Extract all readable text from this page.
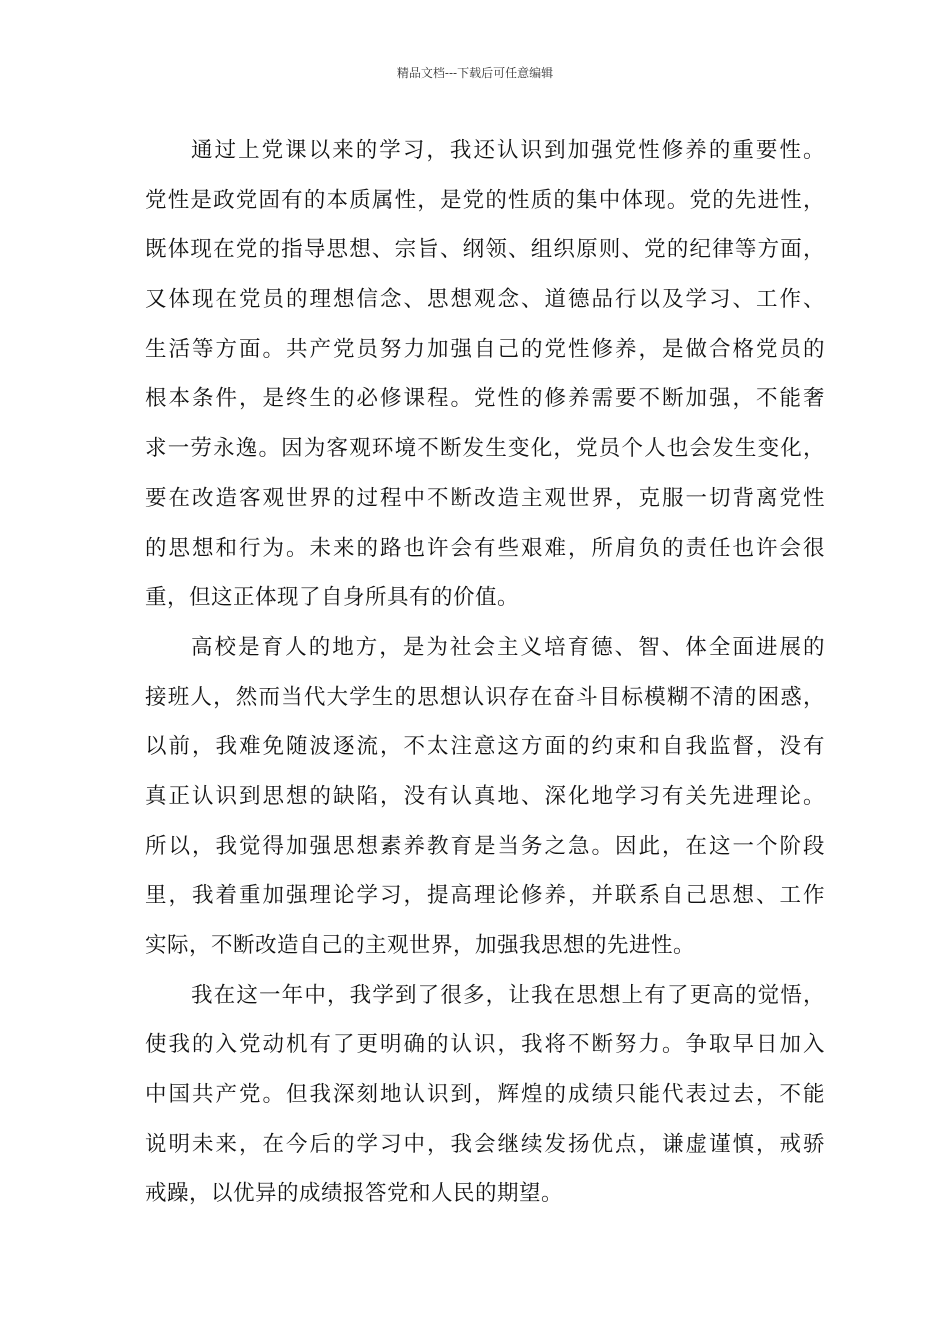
精品文档---下载后可任意编辑
通过上党课以来的学习，我还认识到加强党性修养的重要性。
党性是政党固有的本质属性，是党的性质的集中体现。党的先进性，
既体现在党的指导思想、宗旨、纲领、组织原则、党的纪律等方面，
又体现在党员的理想信念、思想观念、道德品行以及学习、工作、
生活等方面。共产党员努力加强自己的党性修养，是做合格党员的
根本条件，是终生的必修课程。党性的修养需要不断加强，不能奢
求一劳永逸。因为客观环境不断发生变化，党员个人也会发生变化，
要在改造客观世界的过程中不断改造主观世界，克服一切背离党性
的思想和行为。未来的路也许会有些艰难，所肩负的责任也许会很
重，但这正体现了自身所具有的价值。
高校是育人的地方，是为社会主义培育德、智、体全面进展的
接班人，然而当代大学生的思想认识存在奋斗目标模糊不清的困惑，
以前，我难免随波逐流，不太注意这方面的约束和自我监督，没有
真正认识到思想的缺陷，没有认真地、深化地学习有关先进理论。
所以，我觉得加强思想素养教育是当务之急。因此，在这一个阶段
里，我着重加强理论学习，提高理论修养，并联系自己思想、工作
实际，不断改造自己的主观世界，加强我思想的先进性。
我在这一年中，我学到了很多，让我在思想上有了更高的觉悟，
使我的入党动机有了更明确的认识，我将不断努力。争取早日加入
中国共产党。但我深刻地认识到，辉煌的成绩只能代表过去，不能
说明未来，在今后的学习中，我会继续发扬优点，谦虚谨慎，戒骄
戒躁，以优异的成绩报答党和人民的期望。
